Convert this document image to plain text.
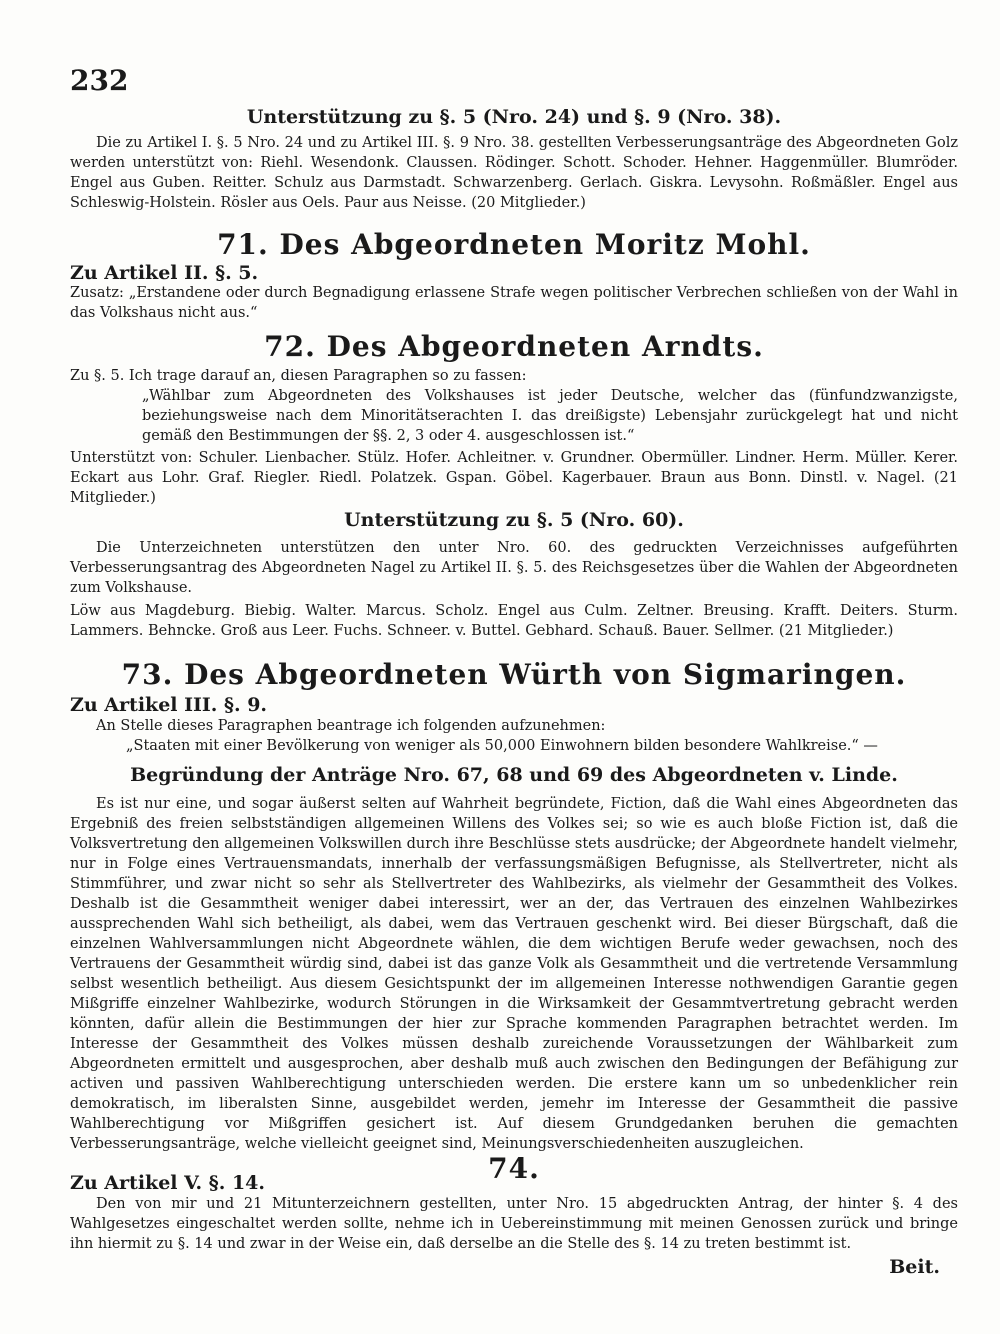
232
Unterstützung zu §. 5 (Nro. 24) und §. 9 (Nro. 38).
Die zu Artikel I. §. 5 Nro. 24 und zu Artikel III. §. 9 Nro. 38. gestellten Verbesserungsanträge des Abgeordneten Golz werden unterstützt von: Riehl. Wesendonk. Claussen. Rödinger. Schott. Schoder. Hehner. Haggenmüller. Blumröder. Engel aus Guben. Reitter. Schulz aus Darmstadt. Schwarzenberg. Gerlach. Giskra. Levysohn. Roßmäßler. Engel aus Schleswig-Holstein. Rösler aus Oels. Paur aus Neisse. (20 Mitglieder.)
71. Des Abgeordneten Moritz Mohl.
Zu Artikel II. §. 5.
Zusatz: „Erstandene oder durch Begnadigung erlassene Strafe wegen politischer Verbrechen schließen von der Wahl in das Volkshaus nicht aus.“
72. Des Abgeordneten Arndts.
Zu §. 5. Ich trage darauf an, diesen Paragraphen so zu fassen:
„Wählbar zum Abgeordneten des Volkshauses ist jeder Deutsche, welcher das (fünfundzwanzigste, beziehungsweise nach dem Minoritätserachten I. das dreißigste) Lebensjahr zurückgelegt hat und nicht gemäß den Bestimmungen der §§. 2, 3 oder 4. ausgeschlossen ist.“
Unterstützt von: Schuler. Lienbacher. Stülz. Hofer. Achleitner. v. Grundner. Obermüller. Lindner. Herm. Müller. Kerer. Eckart aus Lohr. Graf. Riegler. Riedl. Polatzek. Gspan. Göbel. Kagerbauer. Braun aus Bonn. Dinstl. v. Nagel. (21 Mitglieder.)
Unterstützung zu §. 5 (Nro. 60).
Die Unterzeichneten unterstützen den unter Nro. 60. des gedruckten Verzeichnisses aufgeführten Verbesserungsantrag des Abgeordneten Nagel zu Artikel II. §. 5. des Reichsgesetzes über die Wahlen der Abgeordneten zum Volkshause.
Löw aus Magdeburg. Biebig. Walter. Marcus. Scholz. Engel aus Culm. Zeltner. Breusing. Krafft. Deiters. Sturm. Lammers. Behncke. Groß aus Leer. Fuchs. Schneer. v. Buttel. Gebhard. Schauß. Bauer. Sellmer. (21 Mitglieder.)
73. Des Abgeordneten Würth von Sigmaringen.
Zu Artikel III. §. 9.
An Stelle dieses Paragraphen beantrage ich folgenden aufzunehmen:
„Staaten mit einer Bevölkerung von weniger als 50,000 Einwohnern bilden besondere Wahlkreise.“ —
Begründung der Anträge Nro. 67, 68 und 69 des Abgeordneten v. Linde.
Es ist nur eine, und sogar äußerst selten auf Wahrheit begründete, Fiction, daß die Wahl eines Abgeordneten das Ergebniß des freien selbstständigen allgemeinen Willens des Volkes sei; so wie es auch bloße Fiction ist, daß die Volksvertretung den allgemeinen Volkswillen durch ihre Beschlüsse stets ausdrücke; der Abgeordnete handelt vielmehr, nur in Folge eines Vertrauensmandats, innerhalb der verfassungsmäßigen Befugnisse, als Stellvertreter, nicht als Stimmführer, und zwar nicht so sehr als Stellvertreter des Wahlbezirks, als vielmehr der Gesammtheit des Volkes. Deshalb ist die Gesammtheit weniger dabei interessirt, wer an der, das Vertrauen des einzelnen Wahlbezirkes aussprechenden Wahl sich betheiligt, als dabei, wem das Vertrauen geschenkt wird. Bei dieser Bürgschaft, daß die einzelnen Wahlversammlungen nicht Abgeordnete wählen, die dem wichtigen Berufe weder gewachsen, noch des Vertrauens der Gesammtheit würdig sind, dabei ist das ganze Volk als Gesammtheit und die vertretende Versammlung selbst wesentlich betheiligt. Aus diesem Gesichtspunkt der im allgemeinen Interesse nothwendigen Garantie gegen Mißgriffe einzelner Wahlbezirke, wodurch Störungen in die Wirksamkeit der Gesammtvertretung gebracht werden könnten, dafür allein die Bestimmungen der hier zur Sprache kommenden Paragraphen betrachtet werden. Im Interesse der Gesammtheit des Volkes müssen deshalb zureichende Voraussetzungen der Wählbarkeit zum Abgeordneten ermittelt und ausgesprochen, aber deshalb muß auch zwischen den Bedingungen der Befähigung zur activen und passiven Wahlberechtigung unterschieden werden. Die erstere kann um so unbedenklicher rein demokratisch, im liberalsten Sinne, ausgebildet werden, jemehr im Interesse der Gesammtheit die passive Wahlberechtigung vor Mißgriffen gesichert ist. Auf diesem Grundgedanken beruhen die gemachten Verbesserungsanträge, welche vielleicht geeignet sind, Meinungsverschiedenheiten auszugleichen.
74.
Zu Artikel V. §. 14.
Den von mir und 21 Mitunterzeichnern gestellten, unter Nro. 15 abgedruckten Antrag, der hinter §. 4 des Wahlgesetzes eingeschaltet werden sollte, nehme ich in Uebereinstimmung mit meinen Genossen zurück und bringe ihn hiermit zu §. 14 und zwar in der Weise ein, daß derselbe an die Stelle des §. 14 zu treten bestimmt ist.
Beit.
